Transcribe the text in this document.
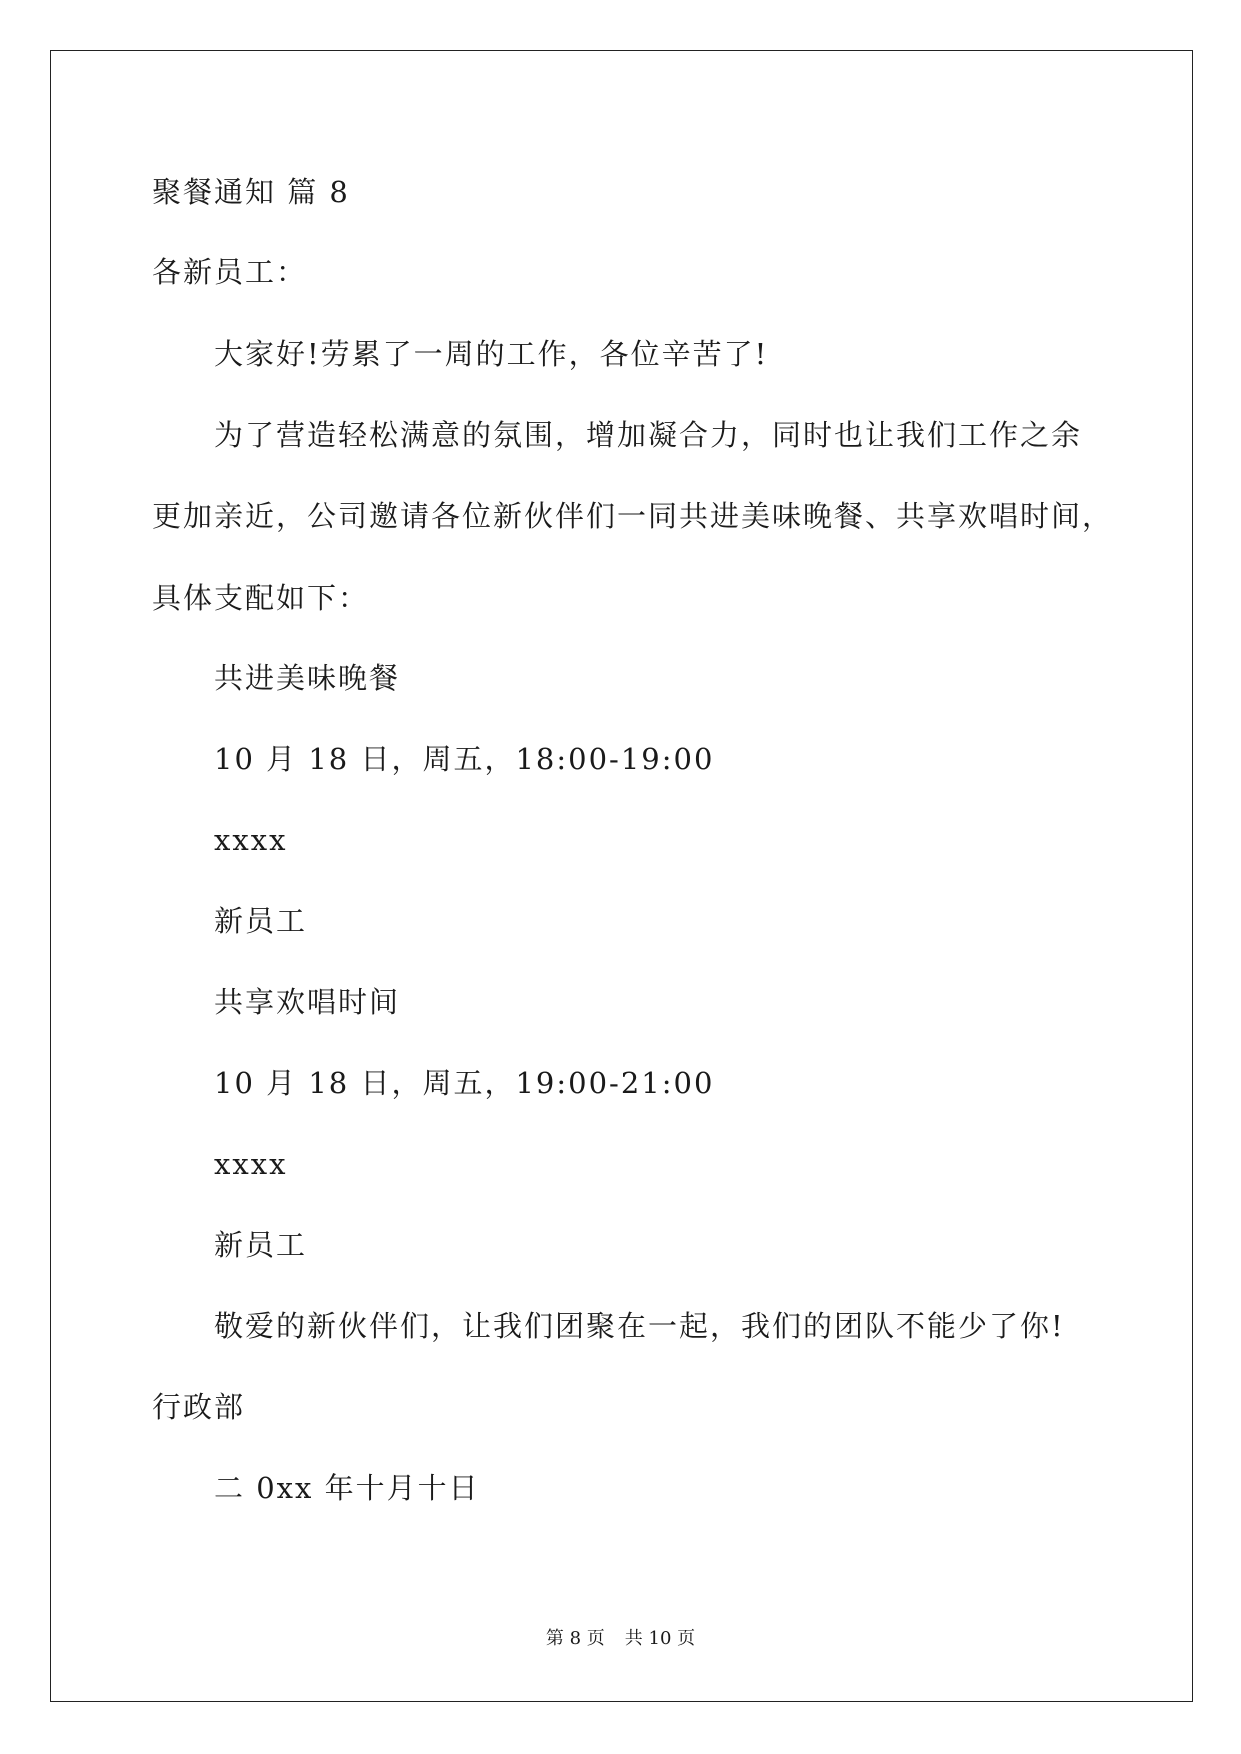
聚餐通知 篇 8
各新员工：
大家好!劳累了一周的工作，各位辛苦了!
为了营造轻松满意的氛围，增加凝合力，同时也让我们工作之余
更加亲近，公司邀请各位新伙伴们一同共进美味晚餐、共享欢唱时间，
具体支配如下：
共进美味晚餐
10 月 18 日，周五，18:00-19:00
xxxx
新员工
共享欢唱时间
10 月 18 日，周五，19:00-21:00
xxxx
新员工
敬爱的新伙伴们，让我们团聚在一起，我们的团队不能少了你!
行政部
二 0xx 年十月十日
第 8 页 共 10 页
